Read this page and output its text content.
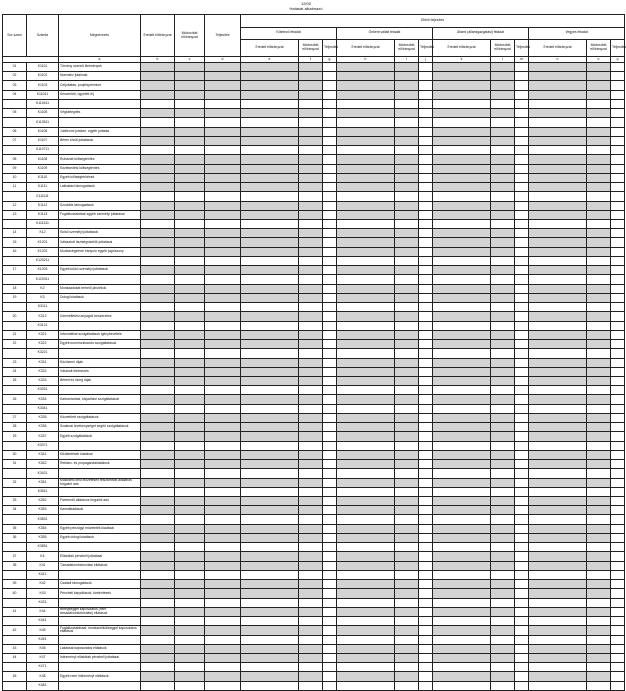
12/00
Hatását alkalmazó
Sor-szám	Számla	Megnevezés	Eredeti előirányzat	Módosított előirányzat	Teljesítés	Ebből teljesítés											
						Kötelező feladat			Önként vállalt feladat			Állami (államigazgatási) feladat			Vegyes feladat		
						Eredeti előirányzat	Módosított előirányzat	Teljesítés	Eredeti előirányzat	Módosított előirányzat	Teljesítés	Eredeti előirányzat	Módosított előirányzat	Teljesítés	Eredeti előirányzat	Módosított előirányzat	Teljesítés
		a	b	c	d	e	f	g	h	i	j	k	l	m	n	o	p
01	K1101	Törvény szerinti illetmények															
02	K1102	Normatív jutalmak															
03	K1103	Céljuttatás, projektprémium															
04	K11041	Készenléti, ügyeleti díj															
	K110411																
05	K1105	Végkielégítés															
	K110511																
06	K1106	Jubileumi jutalom, egyéb juttatás															
07	K1107	Béren kívüli juttatások															
	K110711																
08	K1108	Ruházati költségtérítés															
09	K1109	Közlekedési költségtérítés															
10	K1110	Egyéb költségtérítések															
11	K1111	Lakhatási támogatások															
	K111111																
12	K1112	Szociális támogatások															
13	K1113	Foglalkoztatottak egyéb személyi juttatásai															
	K111311																
14	K12	Külső személyi juttatások															
15	K1201	Választott tisztségviselők juttatásai															
16	K1202	Munkavégzésre irányuló egyéb jogviszony															
	K120211																
17	K1203	Egyéb külső személyi juttatások															
	K120311																
18	K2	Munkaadókat terhelő járulékok															
19	K3	Dologi kiadások															
	K3111																
20	K312	Üzemeltetési anyagok beszerzése															
	K3121																
21	K321	Informatikai szolgáltatások igénybevétele															
22	K322	Egyéb kommunikációs szolgáltatások															
	K3221																
23	K331	Közüzemi díjak															
24	K332	Vásárolt élelmezés															
25	K333	Bérleti és lízing díjak															
	K3331																
26	K334	Karbantartási, kisjavítási szolgáltatások															
	K3341																
27	K335	Közvetített szolgáltatások															
28	K336	Szakmai tevékenységet segítő szolgáltatások															
29	K337	Egyéb szolgáltatások															
	K3371																
30	K341	Kiküldetések kiadásai															
31	K342	Reklám- és propagandakiadások															
	K3421																
32	K351	Működési célú előzetesen felszámított általános forgalmi adó															
	K3511																
33	K352	Fizetendő általános forgalmi adó															
34	K353	Kamatkiadások															
	K3531																
35	K354	Egyéb pénzügyi műveletek kiadásai															
36	K355	Egyéb dologi kiadások															
	K3551																
37	K4	Ellátottak pénzbeli juttatásai															
38	K41	Társadalombiztosítási ellátások															
	K411																
39	K42	Családi támogatások															
40	K43	Pénzbeli kárpótlások, kártérítések															
	K431																
41	K44	Betegséggel kapcsolatos (nem társadalombiztosítási) ellátások															
	K441																
42	K45	Foglalkoztatással, munkanélküliséggel kapcsolatos ellátások															
	K451																
43	K46	Lakással kapcsolatos ellátások															
44	K47	Intézményi ellátottak pénzbeli juttatásai															
	K471																
45	K48	Egyéb nem intézményi ellátások															
	K481																
